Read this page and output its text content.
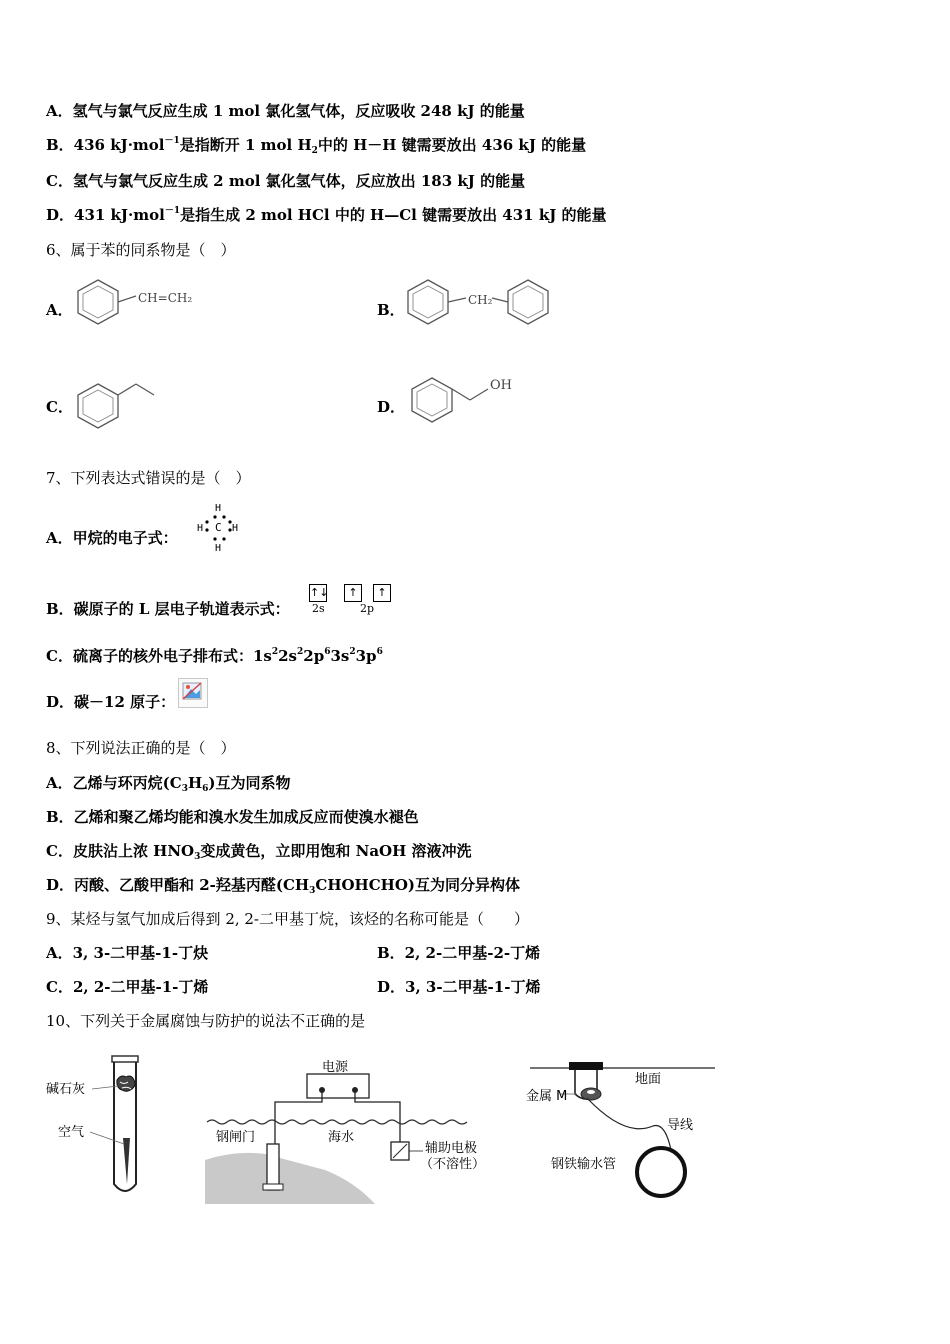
A．氢气与氯气反应生成 1 mol 氯化氢气体，反应吸收 248 kJ 的能量
B．436 kJ·mol$^{-1}$是指断开 1 mol $H_2$中的 H－H 键需要放出 436 kJ 的能量
C．氢气与氯气反应生成 2 mol 氯化氢气体，反应放出 183 kJ 的能量
D．431 kJ·mol$^{-1}$是指生成 2 mol HCl 中的 H—Cl 键需要放出 431 kJ 的能量
6、属于苯的同系物是（　）
A．	B．
C．	D．
CH=CH₂	CH₂
OH
7、下列表达式错误的是（　）
A．甲烷的电子式：
H
H C H
H
B．碳原子的 L 层电子轨道表示式：
↑↓	↑	↑
2s	2p
C．硫离子的核外电子排布式：$1s^22s^22p^63s^23p^6$
D．碳－12 原子：
8、下列说法正确的是（　）
A．乙烯与环丙烷$(C_3H_6)$互为同系物
B．乙烯和聚乙烯均能和溴水发生加成反应而使溴水褪色
C．皮肤沾上浓 $HNO_3$变成黄色，立即用饱和 NaOH 溶液冲洗
D．丙酸、乙酸甲酯和 2-羟基丙醛$(CH_3CHOHCHO)$互为同分异构体
9、某烃与氢气加成后得到 2, 2-二甲基丁烷，该烃的名称可能是（　　）
A．3, 3-二甲基-1-丁炔	B．2, 2-二甲基-2-丁烯
C．2, 2-二甲基-1-丁烯	D．3, 3-二甲基-1-丁烯
10、下列关于金属腐蚀与防护的说法不正确的是
碱石灰
空气
电源
钢闸门	海水
辅助电极
（不溶性）
地面
金属 M
导线
钢铁输水管
